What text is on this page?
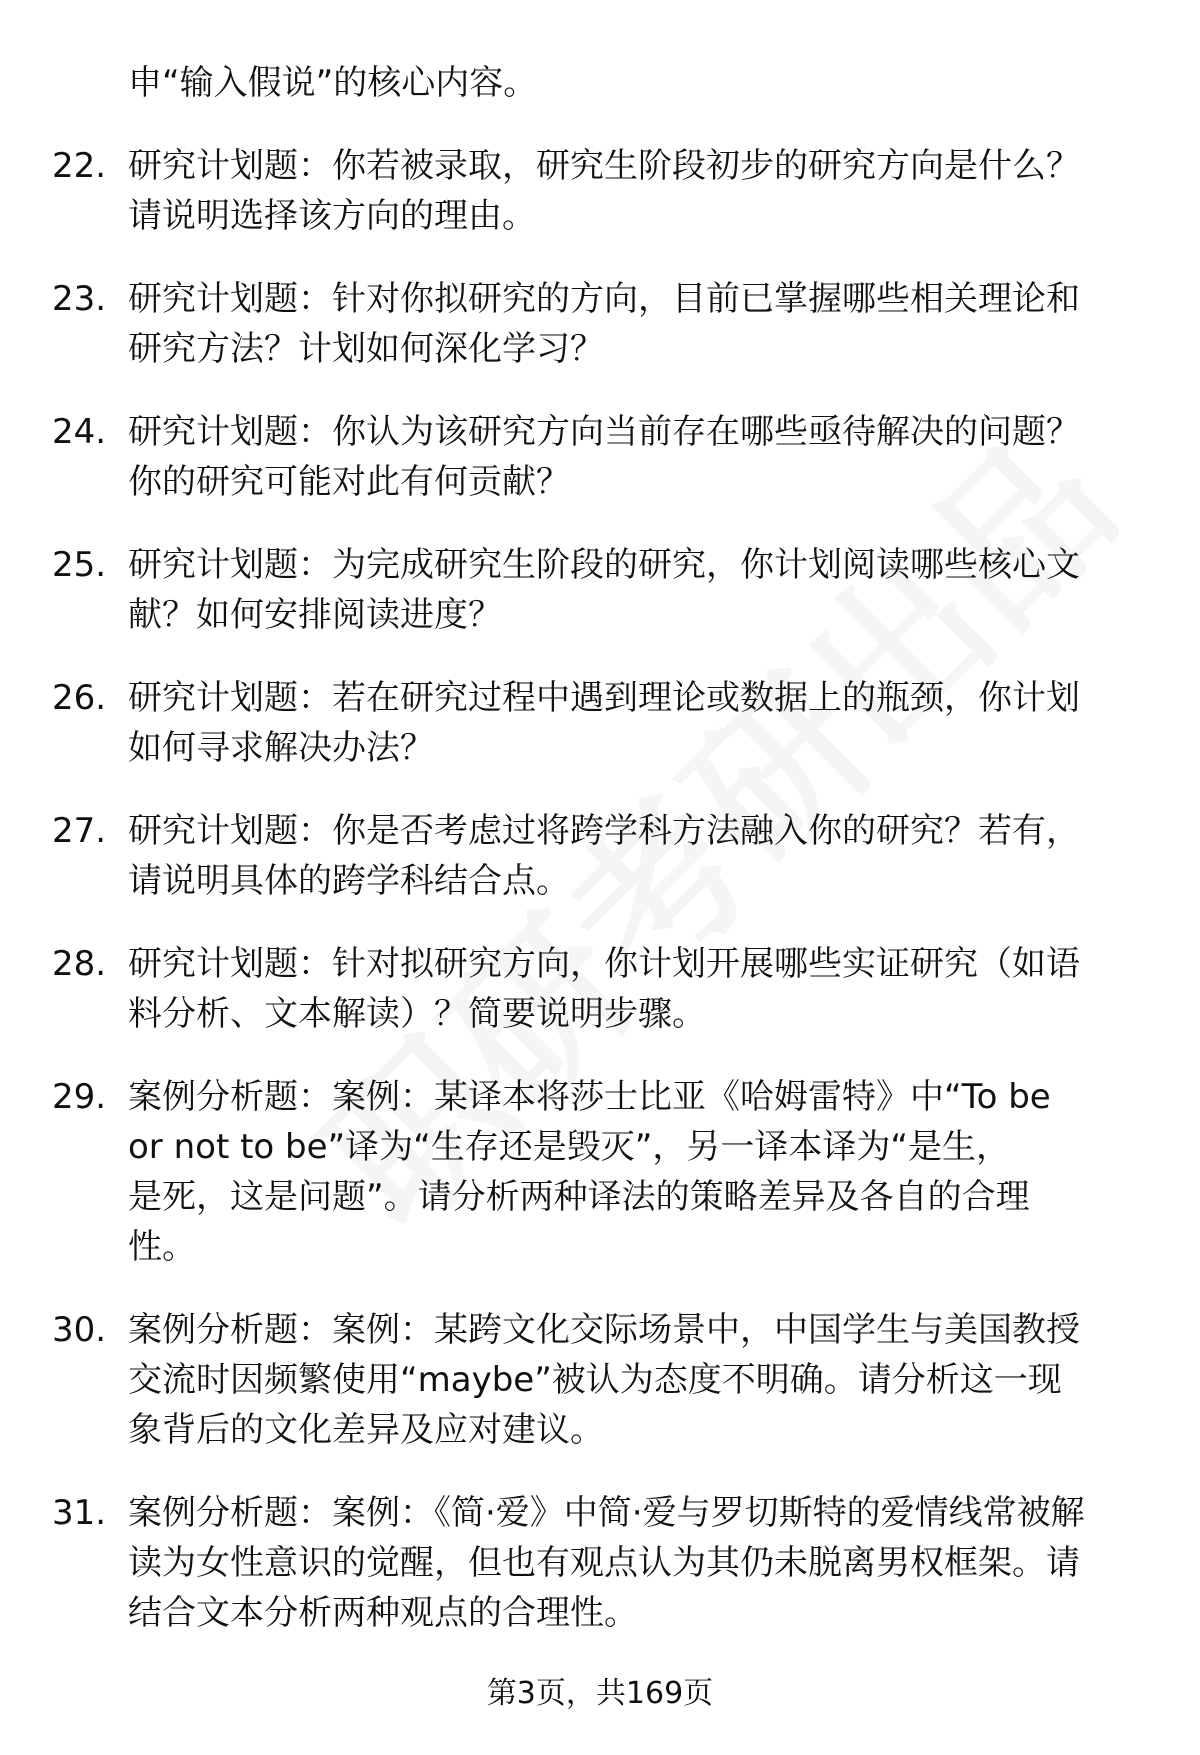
申“输入假说”的核心内容。
22. 研究计划题：你若被录取，研究生阶段初步的研究方向是什么？
请说明选择该方向的理由。
23. 研究计划题：针对你拟研究的方向，目前已掌握哪些相关理论和
研究方法？计划如何深化学习？
24. 研究计划题：你认为该研究方向当前存在哪些亟待解决的问题？
你的研究可能对此有何贡献？
25. 研究计划题：为完成研究生阶段的研究，你计划阅读哪些核心文
献？如何安排阅读进度？
26. 研究计划题：若在研究过程中遇到理论或数据上的瓶颈，你计划
如何寻求解决办法？
27. 研究计划题：你是否考虑过将跨学科方法融入你的研究？若有，
请说明具体的跨学科结合点。
28. 研究计划题：针对拟研究方向，你计划开展哪些实证研究（如语
料分析、文本解读）？简要说明步骤。
29. 案例分析题：案例：某译本将莎士比亚《哈姆雷特》中“To be
or not to be”译为“生存还是毁灭”，另一译本译为“是生，
是死，这是问题”。请分析两种译法的策略差异及各自的合理
性。
30. 案例分析题：案例：某跨文化交际场景中，中国学生与美国教授
交流时因频繁使用“maybe”被认为态度不明确。请分析这一现
象背后的文化差异及应对建议。
31. 案例分析题：案例：《简·爱》中简·爱与罗切斯特的爱情线常被解
读为女性意识的觉醒，但也有观点认为其仍未脱离男权框架。请
结合文本分析两种观点的合理性。
第3页，共169页
